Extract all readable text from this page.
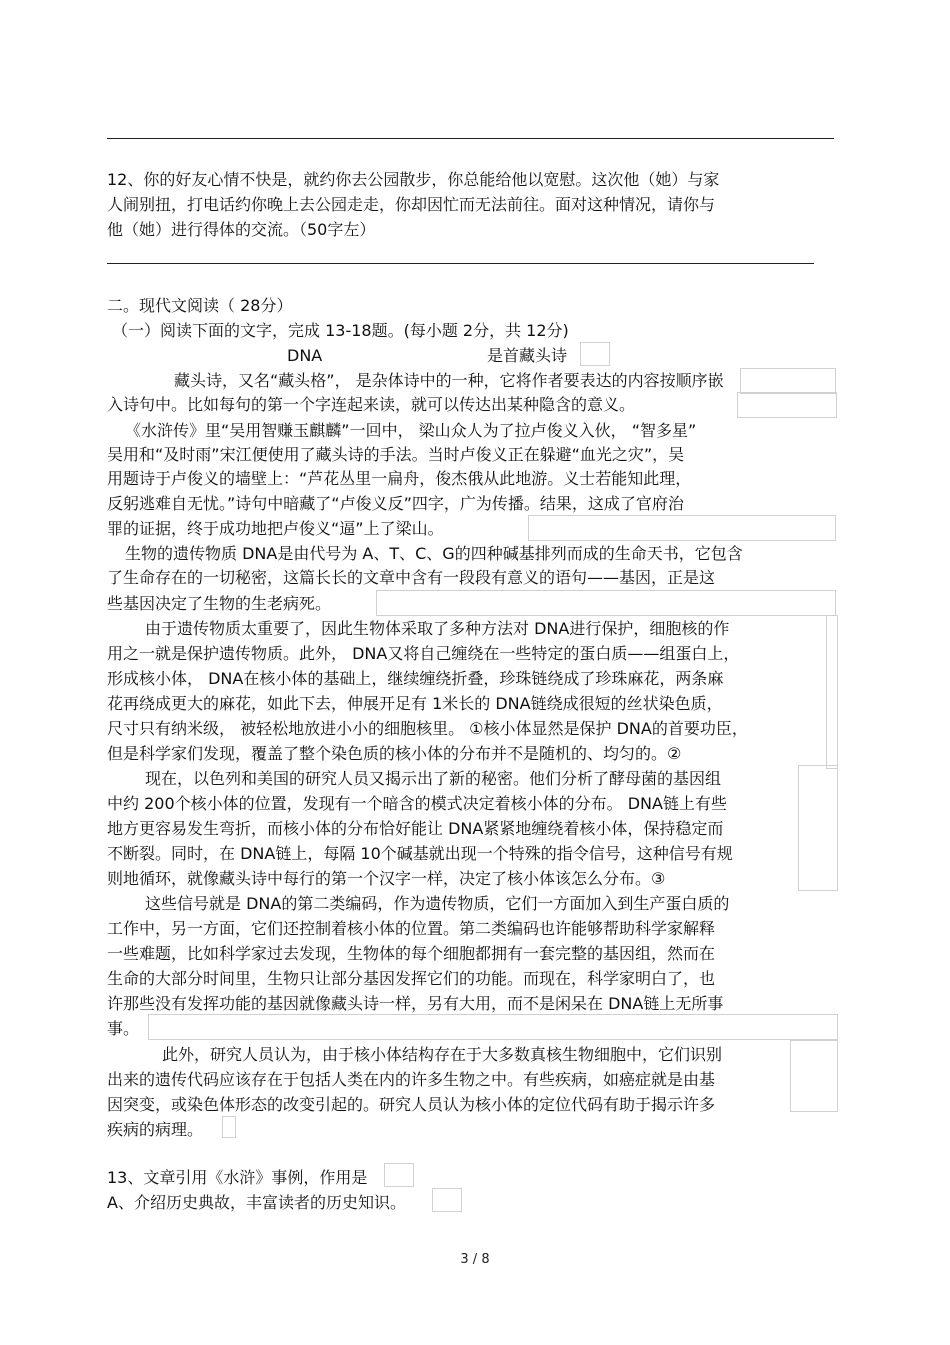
12、你的好友心情不快是，就约你去公园散步，你总能给他以宽慰。这次他（她）与家
人闹别扭，打电话约你晚上去公园走走，你却因忙而无法前往。面对这种情况，请你与
他（她）进行得体的交流。（50字左）
二。现代文阅读（ 28分）
（一）阅读下面的文字，完成 13-18题。(每小题 2分，共 12分)
DNA	是首藏头诗
藏头诗，又名“藏头格”， 是杂体诗中的一种，它将作者要表达的内容按顺序嵌
入诗句中。比如每句的第一个字连起来读，就可以传达出某种隐含的意义。
《水浒传》里“吴用智赚玉麒麟”一回中， 梁山众人为了拉卢俊义入伙， “智多星”
吴用和“及时雨”宋江便使用了藏头诗的手法。当时卢俊义正在躲避“血光之灾”，吴
用题诗于卢俊义的墙壁上：“芦花丛里一扁舟，俊杰俄从此地游。义士若能知此理，
反躬逃难自无忧。”诗句中暗藏了“卢俊义反”四字，广为传播。结果，这成了官府治
罪的证据，终于成功地把卢俊义“逼”上了梁山。
生物的遗传物质 DNA是由代号为 A、T、C、G的四种碱基排列而成的生命天书，它包含
了生命存在的一切秘密，这篇长长的文章中含有一段段有意义的语句——基因，正是这
些基因决定了生物的生老病死。
由于遗传物质太重要了，因此生物体采取了多种方法对 DNA进行保护，细胞核的作
用之一就是保护遗传物质。此外， DNA又将自己缠绕在一些特定的蛋白质——组蛋白上，
形成核小体， DNA在核小体的基础上，继续缠绕折叠，珍珠链绕成了珍珠麻花，两条麻
花再绕成更大的麻花，如此下去，伸展开足有 1米长的 DNA链绕成很短的丝状染色质，
尺寸只有纳米级， 被轻松地放进小小的细胞核里。 ①核小体显然是保护 DNA的首要功臣，
但是科学家们发现，覆盖了整个染色质的核小体的分布并不是随机的、均匀的。②
现在，以色列和美国的研究人员又揭示出了新的秘密。他们分析了酵母菌的基因组
中约 200个核小体的位置，发现有一个暗含的模式决定着核小体的分布。 DNA链上有些
地方更容易发生弯折，而核小体的分布恰好能让 DNA紧紧地缠绕着核小体，保持稳定而
不断裂。同时，在 DNA链上，每隔 10个碱基就出现一个特殊的指令信号，这种信号有规
则地循环，就像藏头诗中每行的第一个汉字一样，决定了核小体该怎么分布。③
这些信号就是 DNA的第二类编码，作为遗传物质，它们一方面加入到生产蛋白质的
工作中，另一方面，它们还控制着核小体的位置。第二类编码也许能够帮助科学家解释
一些难题，比如科学家过去发现，生物体的每个细胞都拥有一套完整的基因组，然而在
生命的大部分时间里，生物只让部分基因发挥它们的功能。而现在，科学家明白了，也
许那些没有发挥功能的基因就像藏头诗一样，另有大用，而不是闲呆在 DNA链上无所事
事。
此外，研究人员认为，由于核小体结构存在于大多数真核生物细胞中，它们识别
出来的遗传代码应该存在于包括人类在内的许多生物之中。有些疾病，如癌症就是由基
因突变，或染色体形态的改变引起的。研究人员认为核小体的定位代码有助于揭示许多
疾病的病理。
13、文章引用《水浒》事例，作用是
A、介绍历史典故，丰富读者的历史知识。
3 / 8
